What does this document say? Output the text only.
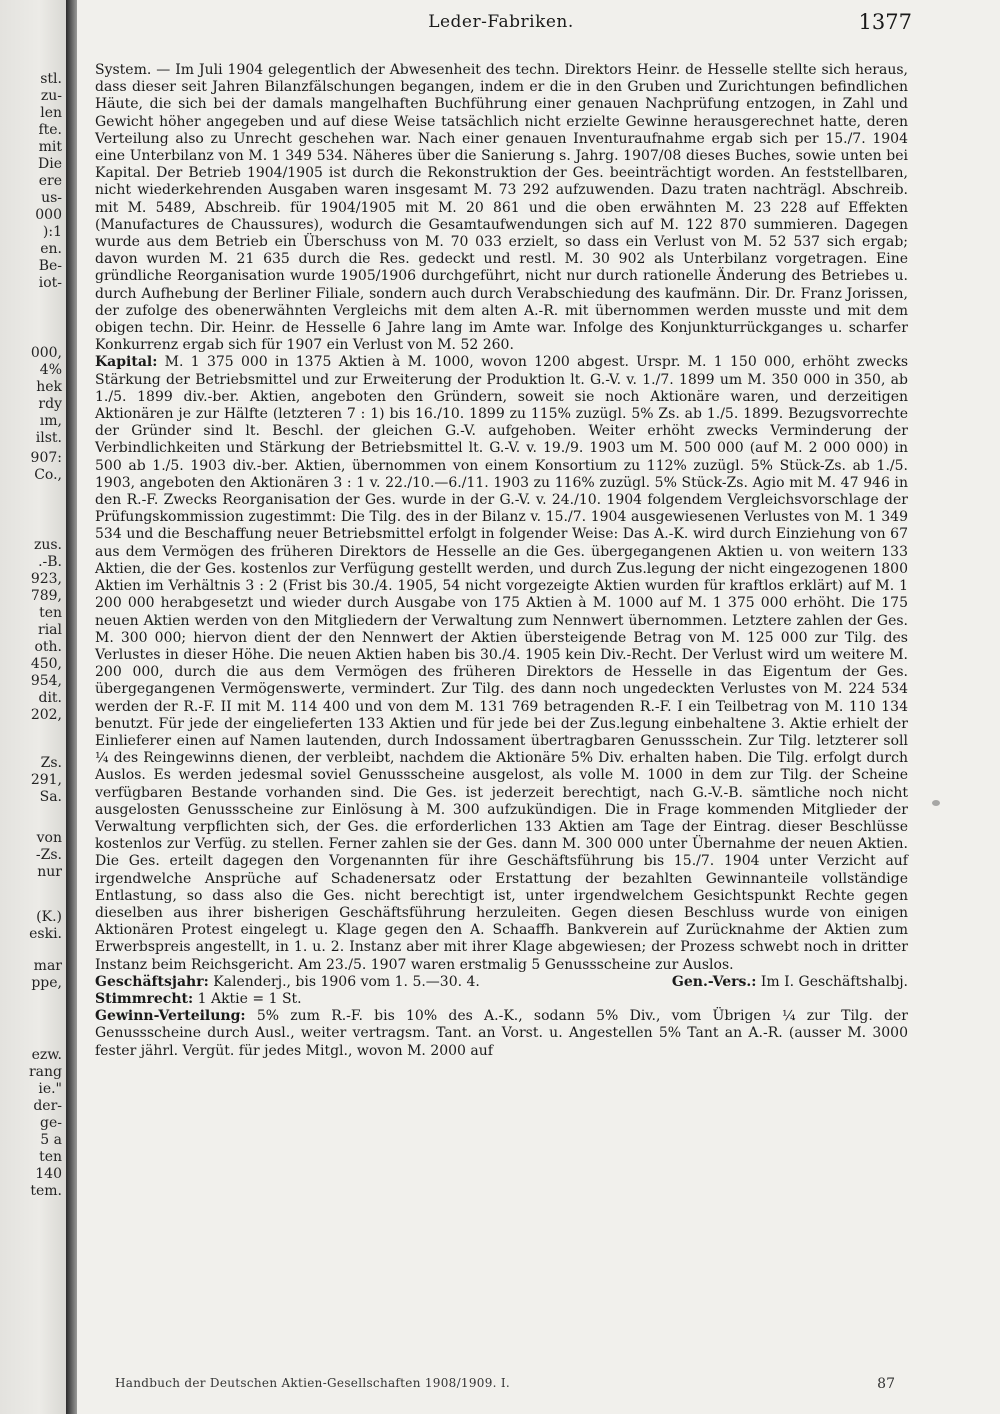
stl.
zu-
len
fte.
mit
Die
ere
us-
000
):1
en.
Be-
iot-
000,
4%
hek
rdy
ım,
ilst.
907:
Co.,
zus.
.-B.
923,
789,
ten
rial
oth.
450,
954,
dit.
202,
Zs.
291,
Sa.
von
-Zs.
nur
(K.)
eski.
mar
ppe,
ezw.
rang
ie."
der-
ge-
5 a
ten
140
tem.
Leder-Fabriken.	1377

System. — Im Juli 1904 gelegentlich der Abwesenheit des techn. Direktors Heinr. de Hesselle stellte sich heraus, dass dieser seit Jahren Bilanzfälschungen begangen, indem er die in den Gruben und Zurichtungen befindlichen Häute, die sich bei der damals mangelhaften Buchführung einer genauen Nachprüfung entzogen, in Zahl und Gewicht höher angegeben und auf diese Weise tatsächlich nicht erzielte Gewinne herausgerechnet hatte, deren Verteilung also zu Unrecht geschehen war. Nach einer genauen Inventuraufnahme ergab sich per 15./7. 1904 eine Unterbilanz von M. 1 349 534. Näheres über die Sanierung s. Jahrg. 1907/08 dieses Buches, sowie unten bei Kapital. Der Betrieb 1904/1905 ist durch die Rekonstruktion der Ges. beeinträchtigt worden. An feststellbaren, nicht wiederkehrenden Ausgaben waren insgesamt M. 73 292 aufzuwenden. Dazu traten nachträgl. Abschreib. mit M. 5489, Abschreib. für 1904/1905 mit M. 20 861 und die oben erwähnten M. 23 228 auf Effekten (Manufactures de Chaussures), wodurch die Gesamtaufwendungen sich auf M. 122 870 summieren. Dagegen wurde aus dem Betrieb ein Überschuss von M. 70 033 erzielt, so dass ein Verlust von M. 52 537 sich ergab; davon wurden M. 21 635 durch die Res. gedeckt und restl. M. 30 902 als Unterbilanz vorgetragen. Eine gründliche Reorganisation wurde 1905/1906 durchgeführt, nicht nur durch rationelle Änderung des Betriebes u. durch Aufhebung der Berliner Filiale, sondern auch durch Verabschiedung des kaufmänn. Dir. Dr. Franz Jorissen, der zufolge des obenerwähnten Vergleichs mit dem alten A.-R. mit übernommen werden musste und mit dem obigen techn. Dir. Heinr. de Hesselle 6 Jahre lang im Amte war. Infolge des Konjunkturrückganges u. scharfer Konkurrenz ergab sich für 1907 ein Verlust von M. 52 260.

Kapital: M. 1 375 000 in 1375 Aktien à M. 1000, wovon 1200 abgest. Urspr. M. 1 150 000, erhöht zwecks Stärkung der Betriebsmittel und zur Erweiterung der Produktion lt. G.-V. v. 1./7. 1899 um M. 350 000 in 350, ab 1./5. 1899 div.-ber. Aktien, angeboten den Gründern, soweit sie noch Aktionäre waren, und derzeitigen Aktionären je zur Hälfte (letzteren 7 : 1) bis 16./10. 1899 zu 115% zuzügl. 5% Zs. ab 1./5. 1899. Bezugsvorrechte der Gründer sind lt. Beschl. der gleichen G.-V. aufgehoben. Weiter erhöht zwecks Verminderung der Verbindlichkeiten und Stärkung der Betriebsmittel lt. G.-V. v. 19./9. 1903 um M. 500 000 (auf M. 2 000 000) in 500 ab 1./5. 1903 div.-ber. Aktien, übernommen von einem Konsortium zu 112% zuzügl. 5% Stück-Zs. ab 1./5. 1903, angeboten den Aktionären 3 : 1 v. 22./10.—6./11. 1903 zu 116% zuzügl. 5% Stück-Zs. Agio mit M. 47 946 in den R.-F. Zwecks Reorganisation der Ges. wurde in der G.-V. v. 24./10. 1904 folgendem Vergleichsvorschlage der Prüfungskommission zugestimmt: Die Tilg. des in der Bilanz v. 15./7. 1904 ausgewiesenen Verlustes von M. 1 349 534 und die Beschaffung neuer Betriebsmittel erfolgt in folgender Weise: Das A.-K. wird durch Einziehung von 67 aus dem Vermögen des früheren Direktors de Hesselle an die Ges. übergegangenen Aktien u. von weitern 133 Aktien, die der Ges. kostenlos zur Verfügung gestellt werden, und durch Zus.legung der nicht eingezogenen 1800 Aktien im Verhältnis 3 : 2 (Frist bis 30./4. 1905, 54 nicht vorgezeigte Aktien wurden für kraftlos erklärt) auf M. 1 200 000 herabgesetzt und wieder durch Ausgabe von 175 Aktien à M. 1000 auf M. 1 375 000 erhöht. Die 175 neuen Aktien werden von den Mitgliedern der Verwaltung zum Nennwert übernommen. Letztere zahlen der Ges. M. 300 000; hiervon dient der den Nennwert der Aktien übersteigende Betrag von M. 125 000 zur Tilg. des Verlustes in dieser Höhe. Die neuen Aktien haben bis 30./4. 1905 kein Div.-Recht. Der Verlust wird um weitere M. 200 000, durch die aus dem Vermögen des früheren Direktors de Hesselle in das Eigentum der Ges. übergegangenen Vermögenswerte, vermindert. Zur Tilg. des dann noch ungedeckten Verlustes von M. 224 534 werden der R.-F. II mit M. 114 400 und von dem M. 131 769 betragenden R.-F. I ein Teilbetrag von M. 110 134 benutzt. Für jede der eingelieferten 133 Aktien und für jede bei der Zus.legung einbehaltene 3. Aktie erhielt der Einlieferer einen auf Namen lautenden, durch Indossament übertragbaren Genussschein. Zur Tilg. letzterer soll ¼ des Reingewinns dienen, der verbleibt, nachdem die Aktionäre 5% Div. erhalten haben. Die Tilg. erfolgt durch Auslos. Es werden jedesmal soviel Genussscheine ausgelost, als volle M. 1000 in dem zur Tilg. der Scheine verfügbaren Bestande vorhanden sind. Die Ges. ist jederzeit berechtigt, nach G.-V.-B. sämtliche noch nicht ausgelosten Genussscheine zur Einlösung à M. 300 aufzukündigen. Die in Frage kommenden Mitglieder der Verwaltung verpflichten sich, der Ges. die erforderlichen 133 Aktien am Tage der Eintrag. dieser Beschlüsse kostenlos zur Verfüg. zu stellen. Ferner zahlen sie der Ges. dann M. 300 000 unter Übernahme der neuen Aktien. Die Ges. erteilt dagegen den Vorgenannten für ihre Geschäftsführung bis 15./7. 1904 unter Verzicht auf irgendwelche Ansprüche auf Schadenersatz oder Erstattung der bezahlten Gewinnanteile vollständige Entlastung, so dass also die Ges. nicht berechtigt ist, unter irgendwelchem Gesichtspunkt Rechte gegen dieselben aus ihrer bisherigen Geschäftsführung herzuleiten. Gegen diesen Beschluss wurde von einigen Aktionären Protest eingelegt u. Klage gegen den A. Schaaffh. Bankverein auf Zurücknahme der Aktien zum Erwerbspreis angestellt, in 1. u. 2. Instanz aber mit ihrer Klage abgewiesen; der Prozess schwebt noch in dritter Instanz beim Reichsgericht. Am 23./5. 1907 waren erstmalig 5 Genussscheine zur Auslos.

Geschäftsjahr: Kalenderj., bis 1906 vom 1. 5.—30. 4.	Gen.-Vers.: Im I. Geschäftshalbj.

Stimmrecht: 1 Aktie = 1 St.

Gewinn-Verteilung: 5% zum R.-F. bis 10% des A.-K., sodann 5% Div., vom Übrigen ¼ zur Tilg. der Genussscheine durch Ausl., weiter vertragsm. Tant. an Vorst. u. Angestellen 5% Tant an A.-R. (ausser M. 3000 fester jährl. Vergüt. für jedes Mitgl., wovon M. 2000 auf

Handbuch der Deutschen Aktien-Gesellschaften 1908/1909. I.	87
